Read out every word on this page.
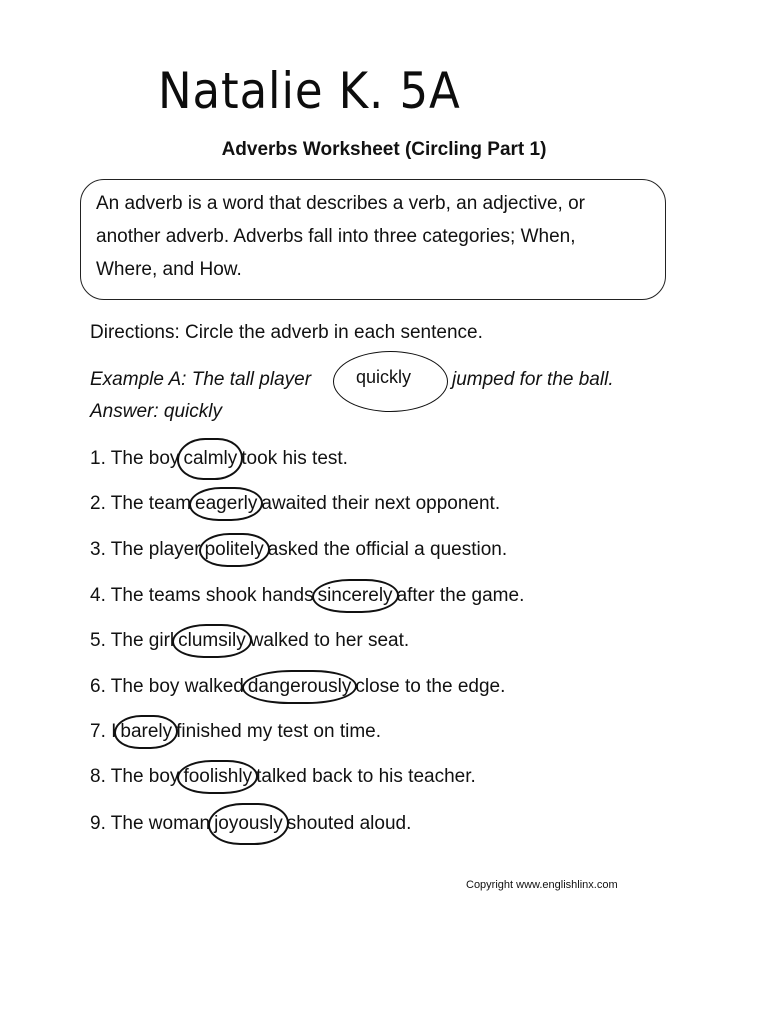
Natalie K. 5A
Adverbs Worksheet (Circling Part 1)
An adverb is a word that describes a verb, an adjective, or
another adverb. Adverbs fall into three categories; When,
Where, and How.
Directions: Circle the adverb in each sentence.
Example A: The tall player quickly jumped for the ball.
Answer: quickly
1. The boy calmly took his test.
2. The team eagerly awaited their next opponent.
3. The player politely asked the official a question.
4. The teams shook hands sincerely after the game.
5. The girl clumsily walked to her seat.
6. The boy walked dangerously close to the edge.
7. I barely finished my test on time.
8. The boy foolishly talked back to his teacher.
9. The woman joyously shouted aloud.
Copyright www.englishlinx.com
